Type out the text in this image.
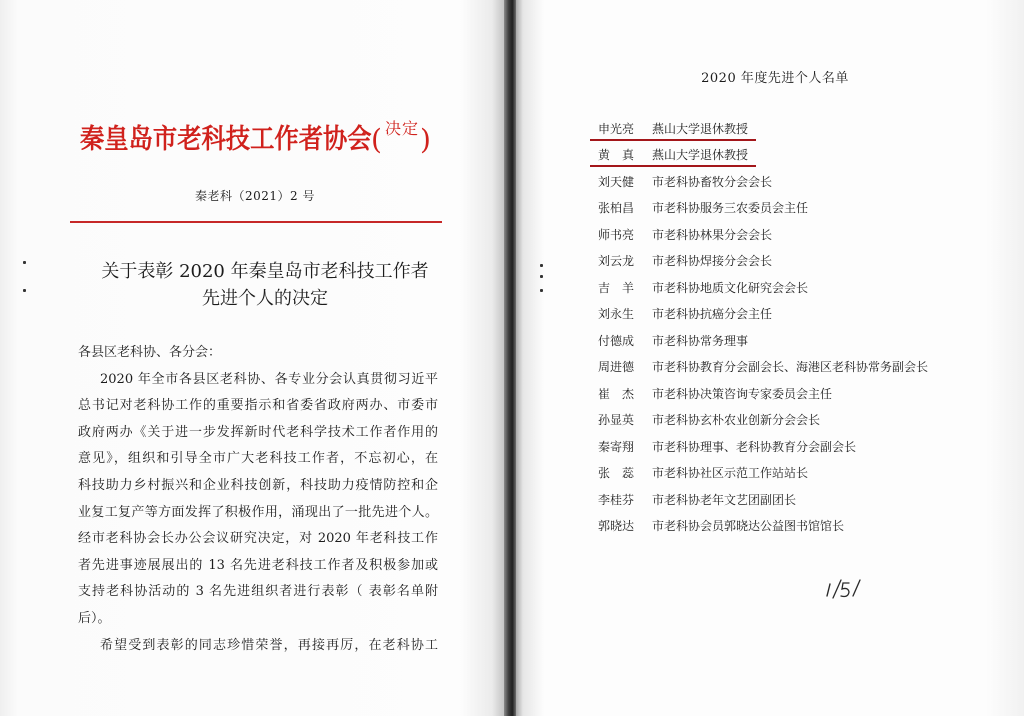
秦皇岛市老科技工作者协会 ( 决定 )
秦老科（2021）2 号
关于表彰 2020 年秦皇岛市老科技工作者
先进个人的决定
各县区老科协、各分会：
2020 年全市各县区老科协、各专业分会认真贯彻习近平
总书记对老科协工作的重要指示和省委省政府两办、市委市
政府两办《关于进一步发挥新时代老科学技术工作者作用的
意见》，组织和引导全市广大老科技工作者，不忘初心，在
科技助力乡村振兴和企业科技创新，科技助力疫情防控和企
业复工复产等方面发挥了积极作用，涌现出了一批先进个人。
经市老科协会长办公会议研究决定，对 2020 年老科技工作
者先进事迹展展出的 13 名先进老科技工作者及积极参加或
支持老科协活动的 3 名先进组织者进行表彰（ 表彰名单附
后）。
希望受到表彰的同志珍惜荣誉，再接再厉，在老科协工
2020 年度先进个人名单
申光亮 燕山大学退休教授
黄 真 燕山大学退休教授
刘天健 市老科协畜牧分会会长
张柏昌 市老科协服务三农委员会主任
师书亮 市老科协林果分会会长
刘云龙 市老科协焊接分会会长
吉 羊 市老科协地质文化研究会会长
刘永生 市老科协抗癌分会主任
付德成 市老科协常务理事
周进德 市老科协教育分会副会长、海港区老科协常务副会长
崔 杰 市老科协决策咨询专家委员会主任
孙显英 市老科协玄朴农业创新分会会长
秦寄翔 市老科协理事、老科协教育分会副会长
张 蕊 市老科协社区示范工作站站长
李桂芬 市老科协老年文艺团副团长
郭晓达 市老科协会员郭晓达公益图书馆馆长
